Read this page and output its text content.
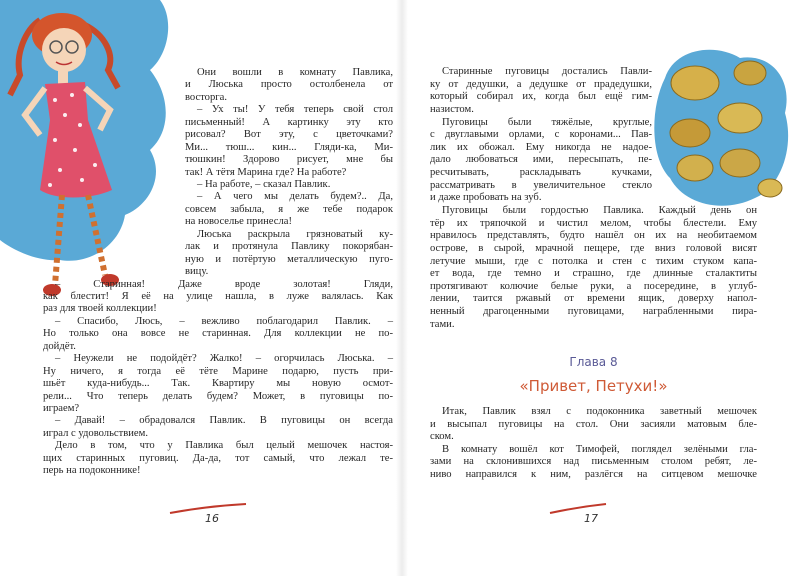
Они вошли в комнату Павлика,
и Люська просто остолбенела от
восторга.
– Ух ты! У тебя теперь свой стол
письменный! А картинку эту кто
рисовал? Вот эту, с цветочками?
Ми... тюш... кин... Гляди-ка, Ми-
тюшкин! Здорово рисует, мне бы
так! А тётя Марина где? На работе?
– На работе, – сказал Павлик.
– А чего мы делать будем?.. Да,
совсем забыла, я же тебе подарок
на новоселье принесла!
Люська раскрыла грязноватый ку-
лак и протянула Павлику покорябан-
ную и потёртую металлическую пуго-
вицу.
– Старинная! Даже вроде золотая! Гляди,
как блестит! Я её на улице нашла, в луже валялась. Как
раз для твоей коллекции!
– Спасибо, Люсь, – вежливо поблагодарил Павлик. –
Но только она вовсе не старинная. Для коллекции не по-
дойдёт.
– Неужели не подойдёт? Жалко! – огорчилась Люська. –
Ну ничего, я тогда её тёте Марине подарю, пусть при-
шьёт куда-нибудь... Так. Квартиру мы новую осмот-
рели... Что теперь делать будем? Может, в пуговицы по-
играем?
– Давай! – обрадовался Павлик. В пуговицы он всегда
играл с удовольствием.
Дело в том, что у Павлика был целый мешочек настоя-
щих старинных пуговиц. Да-да, тот самый, что лежал те-
перь на подоконнике!
Старинные пуговицы достались Павли-
ку от дедушки, а дедушке от прадедушки,
который собирал их, когда был ещё гим-
назистом.
Пуговицы были тяжёлые, круглые,
с двуглавыми орлами, с коронами... Пав-
лик их обожал. Ему никогда не надое-
дало любоваться ими, пересыпать, пе-
ресчитывать, раскладывать кучками,
рассматривать в увеличительное стекло
и даже пробовать на зуб.
Пуговицы были гордостью Павлика. Каждый день он
тёр их тряпочкой и чистил мелом, чтобы блестели. Ему
нравилось представлять, будто нашёл он их на необитаемом
острове, в сырой, мрачной пещере, где вниз головой висят
летучие мыши, где с потолка и стен с тихим стуком капа-
ет вода, где темно и страшно, где длинные сталактиты
протягивают колючие белые руки, а посередине, в углуб-
лении, таится ржавый от времени ящик, доверху напол-
ненный драгоценными пуговицами, награбленными пира-
тами.
Глава 8
«Привет, Петухи!»
Итак, Павлик взял с подоконника заветный мешочек
и высыпал пуговицы на стол. Они засияли матовым бле-
ском.
В комнату вошёл кот Тимофей, поглядел зелёными гла-
зами на склонившихся над письменным столом ребят, ле-
ниво направился к ним, разлёгся на ситцевом мешочке
16	17
